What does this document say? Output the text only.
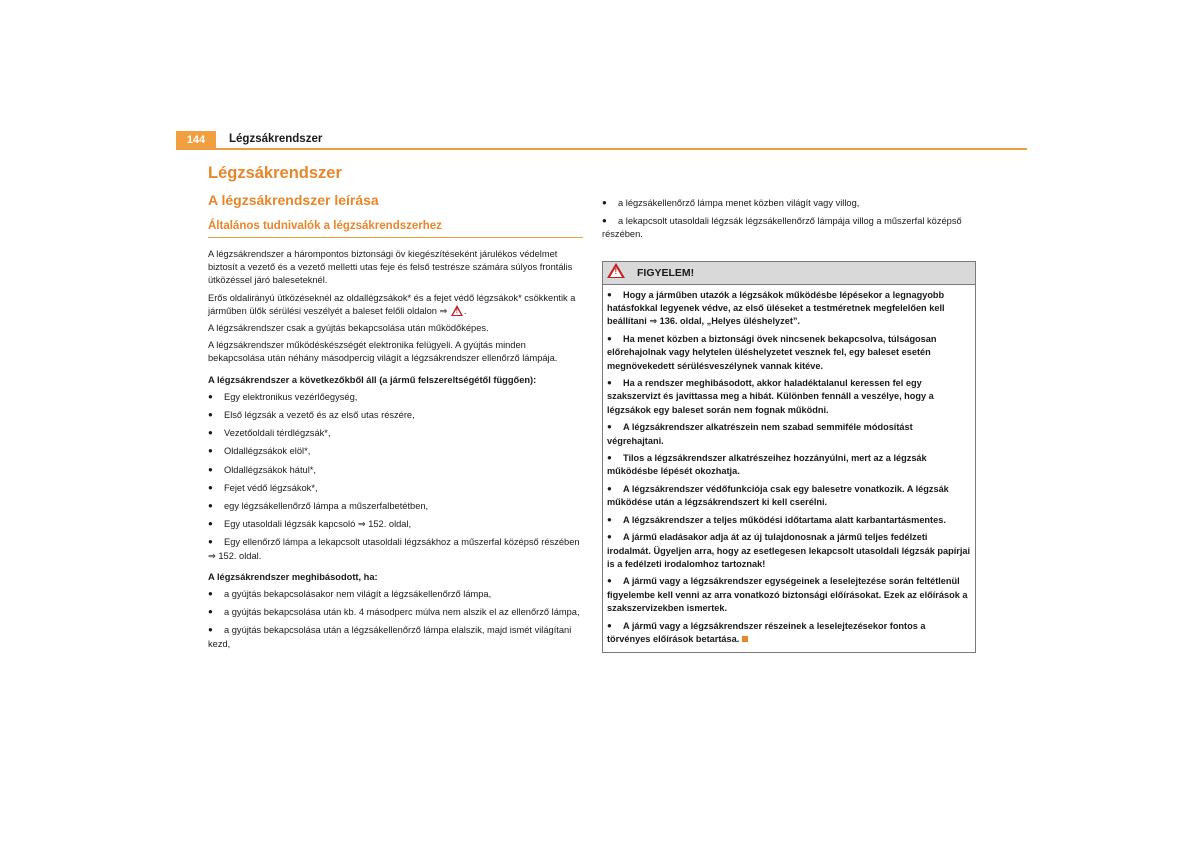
144	Légzsákrendszer
Légzsákrendszer
A légzsákrendszer leírása
Általános tudnivalók a légzsákrendszerhez

A légzsákrendszer a hárompontos biztonsági öv kiegészítéseként járulékos védelmet biztosít a vezető és a vezető melletti utas feje és felső testrésze számára súlyos frontális ütközéssel járó baleseteknél.

Erős oldalirányú ütközéseknél az oldallégzsákok* és a fejet védő légzsákok* csökkentik a járműben ülők sérülési veszélyét a baleset felőli oldalon ⇒ ! .

A légzsákrendszer csak a gyújtás bekapcsolása után működőképes.

A légzsákrendszer működéskészségét elektronika felügyeli. A gyújtás minden bekapcsolása után néhány másodpercig világít a légzsákrendszer ellenőrző lámpája.

A légzsákrendszer a következőkből áll (a jármű felszereltségétől függően):

● Egy elektronikus vezérlőegység,
● Első légzsák a vezető és az első utas részére,
● Vezetőoldali térdlégzsák*,
● Oldallégzsákok elöl*,
● Oldallégzsákok hátul*,
● Fejet védő légzsákok*,
● egy légzsákellenőrző lámpa a műszerfalbetétben,
● Egy utasoldali légzsák kapcsoló ⇒ 152. oldal,
● Egy ellenőrző lámpa a lekapcsolt utasoldali légzsákhoz a műszerfal középső részében ⇒ 152. oldal.

A légzsákrendszer meghibásodott, ha:

● a gyújtás bekapcsolásakor nem világít a légzsákellenőrző lámpa,
● a gyújtás bekapcsolása után kb. 4 másodperc múlva nem alszik el az ellenőrző lámpa,
● a gyújtás bekapcsolása után a légzsákellenőrző lámpa elalszik, majd ismét világítani kezd,
● a légzsákellenőrző lámpa menet közben világít vagy villog,
● a lekapcsolt utasoldali légzsák légzsákellenőrző lámpája villog a műszerfal középső részében.
! FIGYELEM!
● Hogy a járműben utazók a légzsákok működésbe lépésekor a legnagyobb hatásfokkal legyenek védve, az első üléseket a testméretnek megfelelően kell beállítani ⇒ 136. oldal, „Helyes üléshelyzet”.
● Ha menet közben a biztonsági övek nincsenek bekapcsolva, túlságosan előrehajolnak vagy helytelen üléshelyzetet vesznek fel, egy baleset esetén megnövekedett sérülésveszélynek vannak kitéve.
● Ha a rendszer meghibásodott, akkor haladéktalanul keressen fel egy szakszervizt és javíttassa meg a hibát. Különben fennáll a veszélye, hogy a légzsákok egy baleset során nem fognak működni.
● A légzsákrendszer alkatrészein nem szabad semmiféle módosítást végrehajtani.
● Tilos a légzsákrendszer alkatrészeihez hozzányúlni, mert az a légzsák működésbe lépését okozhatja.
● A légzsákrendszer védőfunkciója csak egy balesetre vonatkozik. A légzsák működése után a légzsákrendszert ki kell cserélni.
● A légzsákrendszer a teljes működési időtartama alatt karbantartásmentes.
● A jármű eladásakor adja át az új tulajdonosnak a jármű teljes fedélzeti irodalmát. Ügyeljen arra, hogy az esetlegesen lekapcsolt utasoldali légzsák papírjai is a fedélzeti irodalomhoz tartoznak!
● A jármű vagy a légzsákrendszer egységeinek a leselejtezése során feltétlenül figyelembe kell venni az arra vonatkozó biztonsági előírásokat. Ezek az előírások a szakszervizekben ismertek.
● A jármű vagy a légzsákrendszer részeinek a leselejtezésekor fontos a törvényes előírások betartása.
